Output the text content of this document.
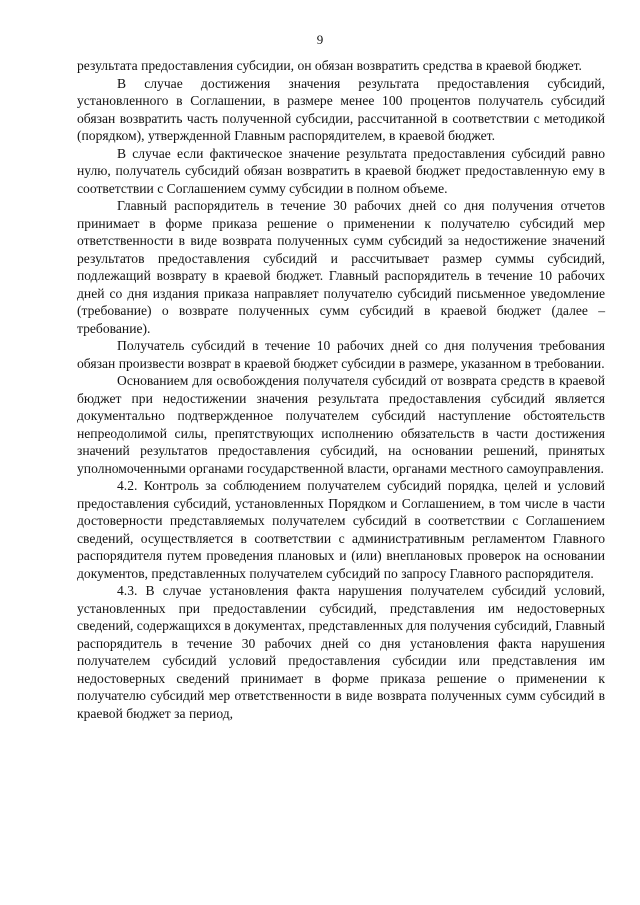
9

результата предоставления субсидии, он обязан возвратить средства в краевой бюджет.

В случае достижения значения результата предоставления субсидий, установленного в Соглашении, в размере менее 100 процентов получатель субсидий обязан возвратить часть полученной субсидии, рассчитанной в соответствии с методикой (порядком), утвержденной Главным распорядителем, в краевой бюджет.

В случае если фактическое значение результата предоставления субсидий равно нулю, получатель субсидий обязан возвратить в краевой бюджет предоставленную ему в соответствии с Соглашением сумму субсидии в полном объеме.

Главный распорядитель в течение 30 рабочих дней со дня получения отчетов принимает в форме приказа решение о применении к получателю субсидий мер ответственности в виде возврата полученных сумм субсидий за недостижение значений результатов предоставления субсидий и рассчитывает размер суммы субсидий, подлежащий возврату в краевой бюджет. Главный распорядитель в течение 10 рабочих дней со дня издания приказа направляет получателю субсидий письменное уведомление (требование) о возврате полученных сумм субсидий в краевой бюджет (далее – требование).

Получатель субсидий в течение 10 рабочих дней со дня получения требования обязан произвести возврат в краевой бюджет субсидии в размере, указанном в требовании.

Основанием для освобождения получателя субсидий от возврата средств в краевой бюджет при недостижении значения результата предоставления субсидий является документально подтвержденное получателем субсидий наступление обстоятельств непреодолимой силы, препятствующих исполнению обязательств в части достижения значений результатов предоставления субсидий, на основании решений, принятых уполномоченными органами государственной власти, органами местного самоуправления.

4.2. Контроль за соблюдением получателем субсидий порядка, целей и условий предоставления субсидий, установленных Порядком и Соглашением, в том числе в части достоверности представляемых получателем субсидий в соответствии с Соглашением сведений, осуществляется в соответствии с административным регламентом Главного распорядителя путем проведения плановых и (или) внеплановых проверок на основании документов, представленных получателем субсидий по запросу Главного распорядителя.

4.3. В случае установления факта нарушения получателем субсидий условий, установленных при предоставлении субсидий, представления им недостоверных сведений, содержащихся в документах, представленных для получения субсидий, Главный распорядитель в течение 30 рабочих дней со дня установления факта нарушения получателем субсидий условий предоставления субсидии или представления им недостоверных сведений принимает в форме приказа решение о применении к получателю субсидий мер ответственности в виде возврата полученных сумм субсидий в краевой бюджет за период,
